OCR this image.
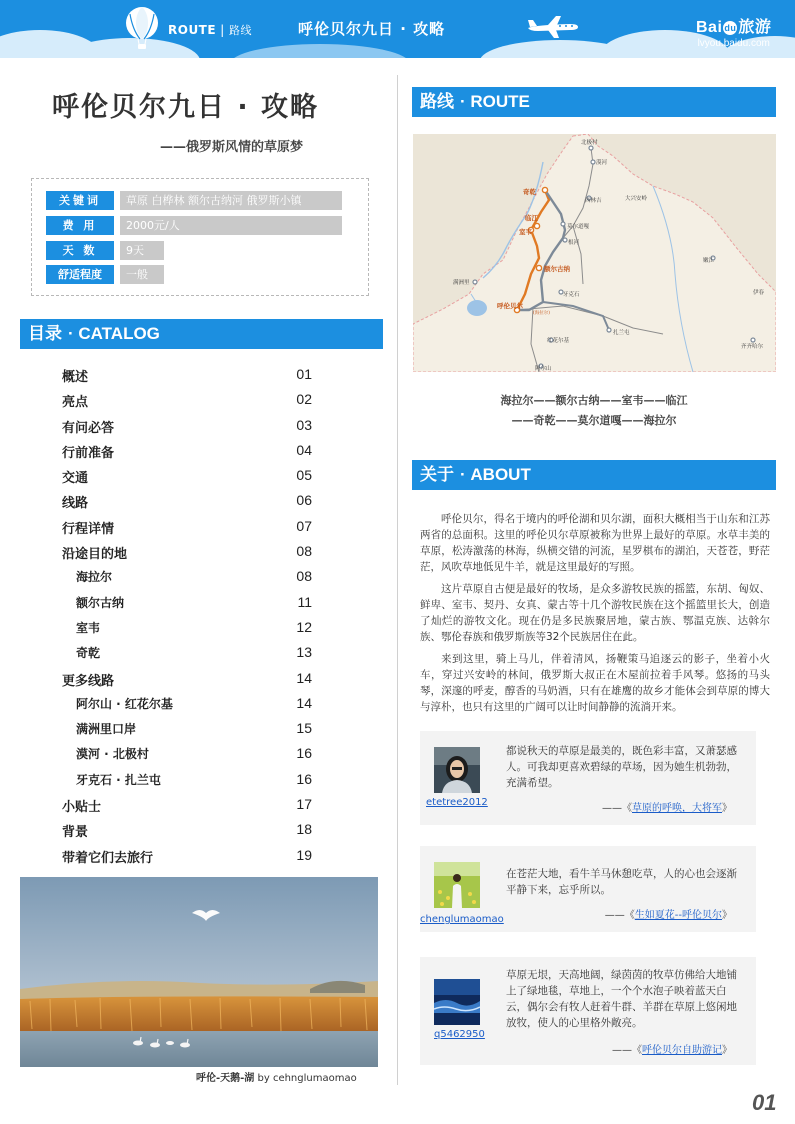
ROUTE | 路线	呼伦贝尔九日 · 攻略	Bai du 旅游
lvyou.baidu.com
呼伦贝尔九日 · 攻略
——俄罗斯风情的草原梦
关键词	草原 白桦林 额尔古纳河 俄罗斯小镇
费 用	2000元/人
天 数	9天
舒适程度	一般
目录 · CATALOG
概述	01
亮点	02
有问必答	03
行前准备	04
交通	05
线路	06
行程详情	07
沿途目的地	08
海拉尔	08
额尔古纳	11
室韦	12
奇乾	13
更多线路	14
阿尔山 · 红花尔基	14
满洲里口岸	15
漠河 · 北极村	16
牙克石 · 扎兰屯	16
小贴士	17
背景	18
带着它们去旅行	19
呼伦-天鹅-湖 by cehnglumaomao
路线 · ROUTE
北极村
漠河
西林吉
莫尔道嘎
根河
大兴安岭
满洲里
牙克石
扎兰屯
红花尔基
阿尔山
嫩江
齐齐哈尔
伊春
奇乾
临江
室韦
额尔古纳
呼伦贝尔
(海拉尔)
海拉尔——额尔古纳——室韦——临江
——奇乾——莫尔道嘎——海拉尔
关于 · ABOUT

呼伦贝尔，得名于境内的呼伦湖和贝尔湖，面积大概相当于山东和江苏两省的总面积。这里的呼伦贝尔草原被称为世界上最好的草原。水草丰美的草原，松涛激荡的林海，纵横交错的河流，星罗棋布的湖泊，天苍苍，野茫茫，风吹草地低见牛羊，就是这里最好的写照。

这片草原自古便是最好的牧场，是众多游牧民族的摇篮，东胡、匈奴、鲜卑、室韦、契丹、女真、蒙古等十几个游牧民族在这个摇篮里长大，创造了灿烂的游牧文化。现在仍是多民族聚居地，蒙古族、鄂温克族、达斡尔族、鄂伦春族和俄罗斯族等32个民族居住在此。

来到这里，骑上马儿，伴着清风，扬鞭策马追逐云的影子，坐着小火车，穿过兴安岭的林间，俄罗斯大叔正在木屋前拉着手风琴。悠扬的马头琴，深邃的呼麦，醇香的马奶酒，只有在雄鹰的故乡才能体会到草原的博大与淳朴，也只有这里的广阔可以让时间静静的流淌开来。

etetree2012
都说秋天的草原是最美的，既色彩丰富，又萧瑟感人。可我却更喜欢碧绿的草场，因为她生机勃勃，充满希望。
——《草原的呼唤，大将军》
chenglumaomao
在苍茫大地，看牛羊马休憩吃草，人的心也会逐渐平静下来，忘乎所以。
——《生如夏花--呼伦贝尔》
q5462950
草原无垠，天高地阔，绿茵茵的牧草仿佛给大地铺上了绿地毯，草地上，一个个水泡子映着蓝天白云，偶尔会有牧人赶着牛群、羊群在草原上悠闲地放牧，使人的心里格外敞亮。
——《呼伦贝尔自助游记》
01
